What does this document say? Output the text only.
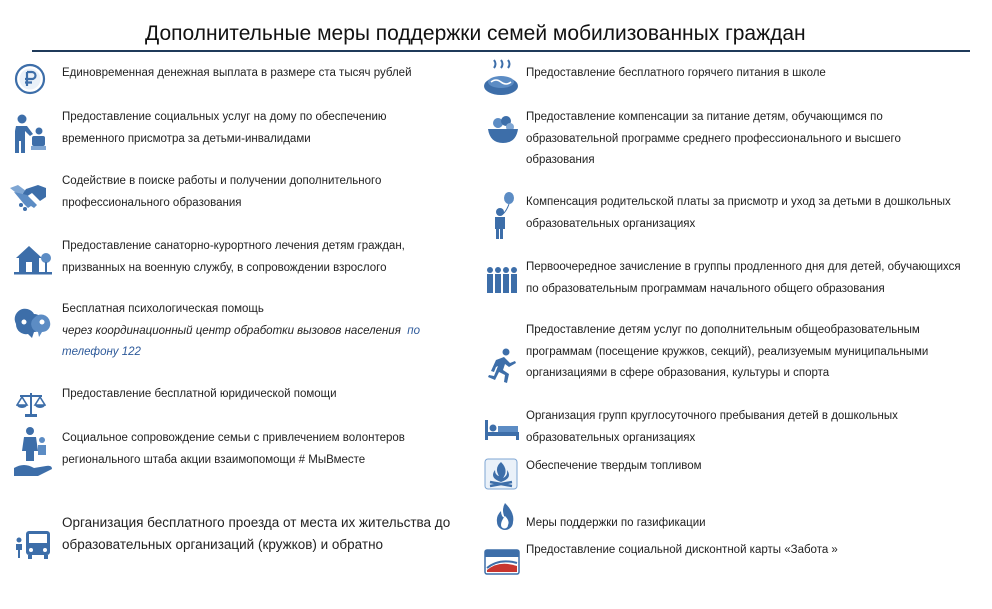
Дополнительные меры поддержки семей мобилизованных граждан
Единовременная денежная выплата в размере ста тысяч рублей
Предоставление социальных услуг на дому по обеспечению
временного присмотра за детьми-инвалидами
Содействие в поиске работы и получении дополнительного
профессионального образования
Предоставление санаторно-курортного лечения детям граждан,
призванных на военную службу, в сопровождении взрослого
Бесплатная психологическая помощь
через координационный центр обработки вызовов населения по
телефону 122
Предоставление бесплатной юридической помощи
Социальное сопровождение семьи с привлечением волонтеров
регионального штаба акции взаимопомощи # МыВместе
Организация бесплатного проезда от места их жительства до
образовательных организаций (кружков) и обратно
Предоставление бесплатного горячего питания в школе
Предоставление компенсации за питание детям, обучающимся по
образовательной программе среднего профессионального и высшего
образования
Компенсация родительской платы за присмотр и уход за детьми в дошкольных
образовательных организациях
Первоочередное зачисление в группы продленного дня для детей, обучающихся
по образовательным программам начального общего образования
Предоставление детям услуг по дополнительным общеобразовательным
программам (посещение кружков, секций), реализуемым муниципальными
организациями в сфере образования, культуры и спорта
Организация групп круглосуточного пребывания детей в дошкольных
образовательных организациях
Обеспечение твердым топливом
Меры поддержки по газификации
Предоставление социальной дисконтной карты «Забота »
